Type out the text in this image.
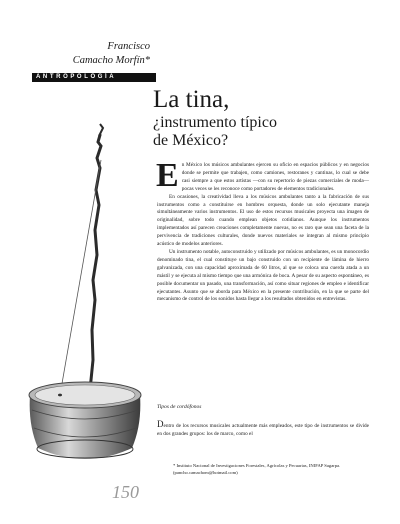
Francisco
Camacho Morfín*
ANTROPOLOGÍA
La tina,
¿instrumento típico
de México?

En México los músicos ambulantes ejercen su oficio en espacios públicos y en negocios donde se permite que trabajen, como camiones, restoranes y cantinas, lo cual se debe casi siempre a que estos artistas —con su repertorio de piezas comerciales de moda— pocas veces se les reconoce como portadores de elementos tradicionales.

En ocasiones, la creatividad lleva a los músicos ambulantes tanto a la fabricación de sus instrumentos como a constituirse en hombres orquesta, donde un solo ejecutante maneja simultáneamente varios instrumentos. El uso de estos recursos musicales proyecta una imagen de originalidad, sobre todo cuando emplean objetos cotidianos. Aunque los instrumentos implementados así parecen creaciones completamente nuevas, no es raro que sean una faceta de la pervivencia de tradiciones culturales, donde nuevos materiales se integran al mismo principio acústico de modelos anteriores.

Un instrumento notable, autoconstruido y utilizado por músicos ambulantes, es un monocordio denominado tina, el cual constituye un bajo construido con un recipiente de lámina de hierro galvanizada, con una capacidad aproximada de 60 litros, al que se coloca una cuerda atada a un mástil y se ejecuta al mismo tiempo que una armónica de boca. A pesar de su aspecto espontáneo, es posible documentar un pasado, una transformación, así como situar regiones de empleo e identificar ejecutantes. Asunto que se aborda para México en la presente contribución, en la que se parte del mecanismo de control de los sonidos hasta llegar a los resultados obtenidos en entrevistas.

Tipos de cordófonos
Dentro de los recursos musicales actualmente más empleados, este tipo de instrumentos se divide en dos grandes grupos: los de marco, como el
* Instituto Nacional de Investigaciones Forestales, Agrícolas y Pecuarias, INIFAP Sagarpa.
(pancho.camachom@hotmail.com)
150
